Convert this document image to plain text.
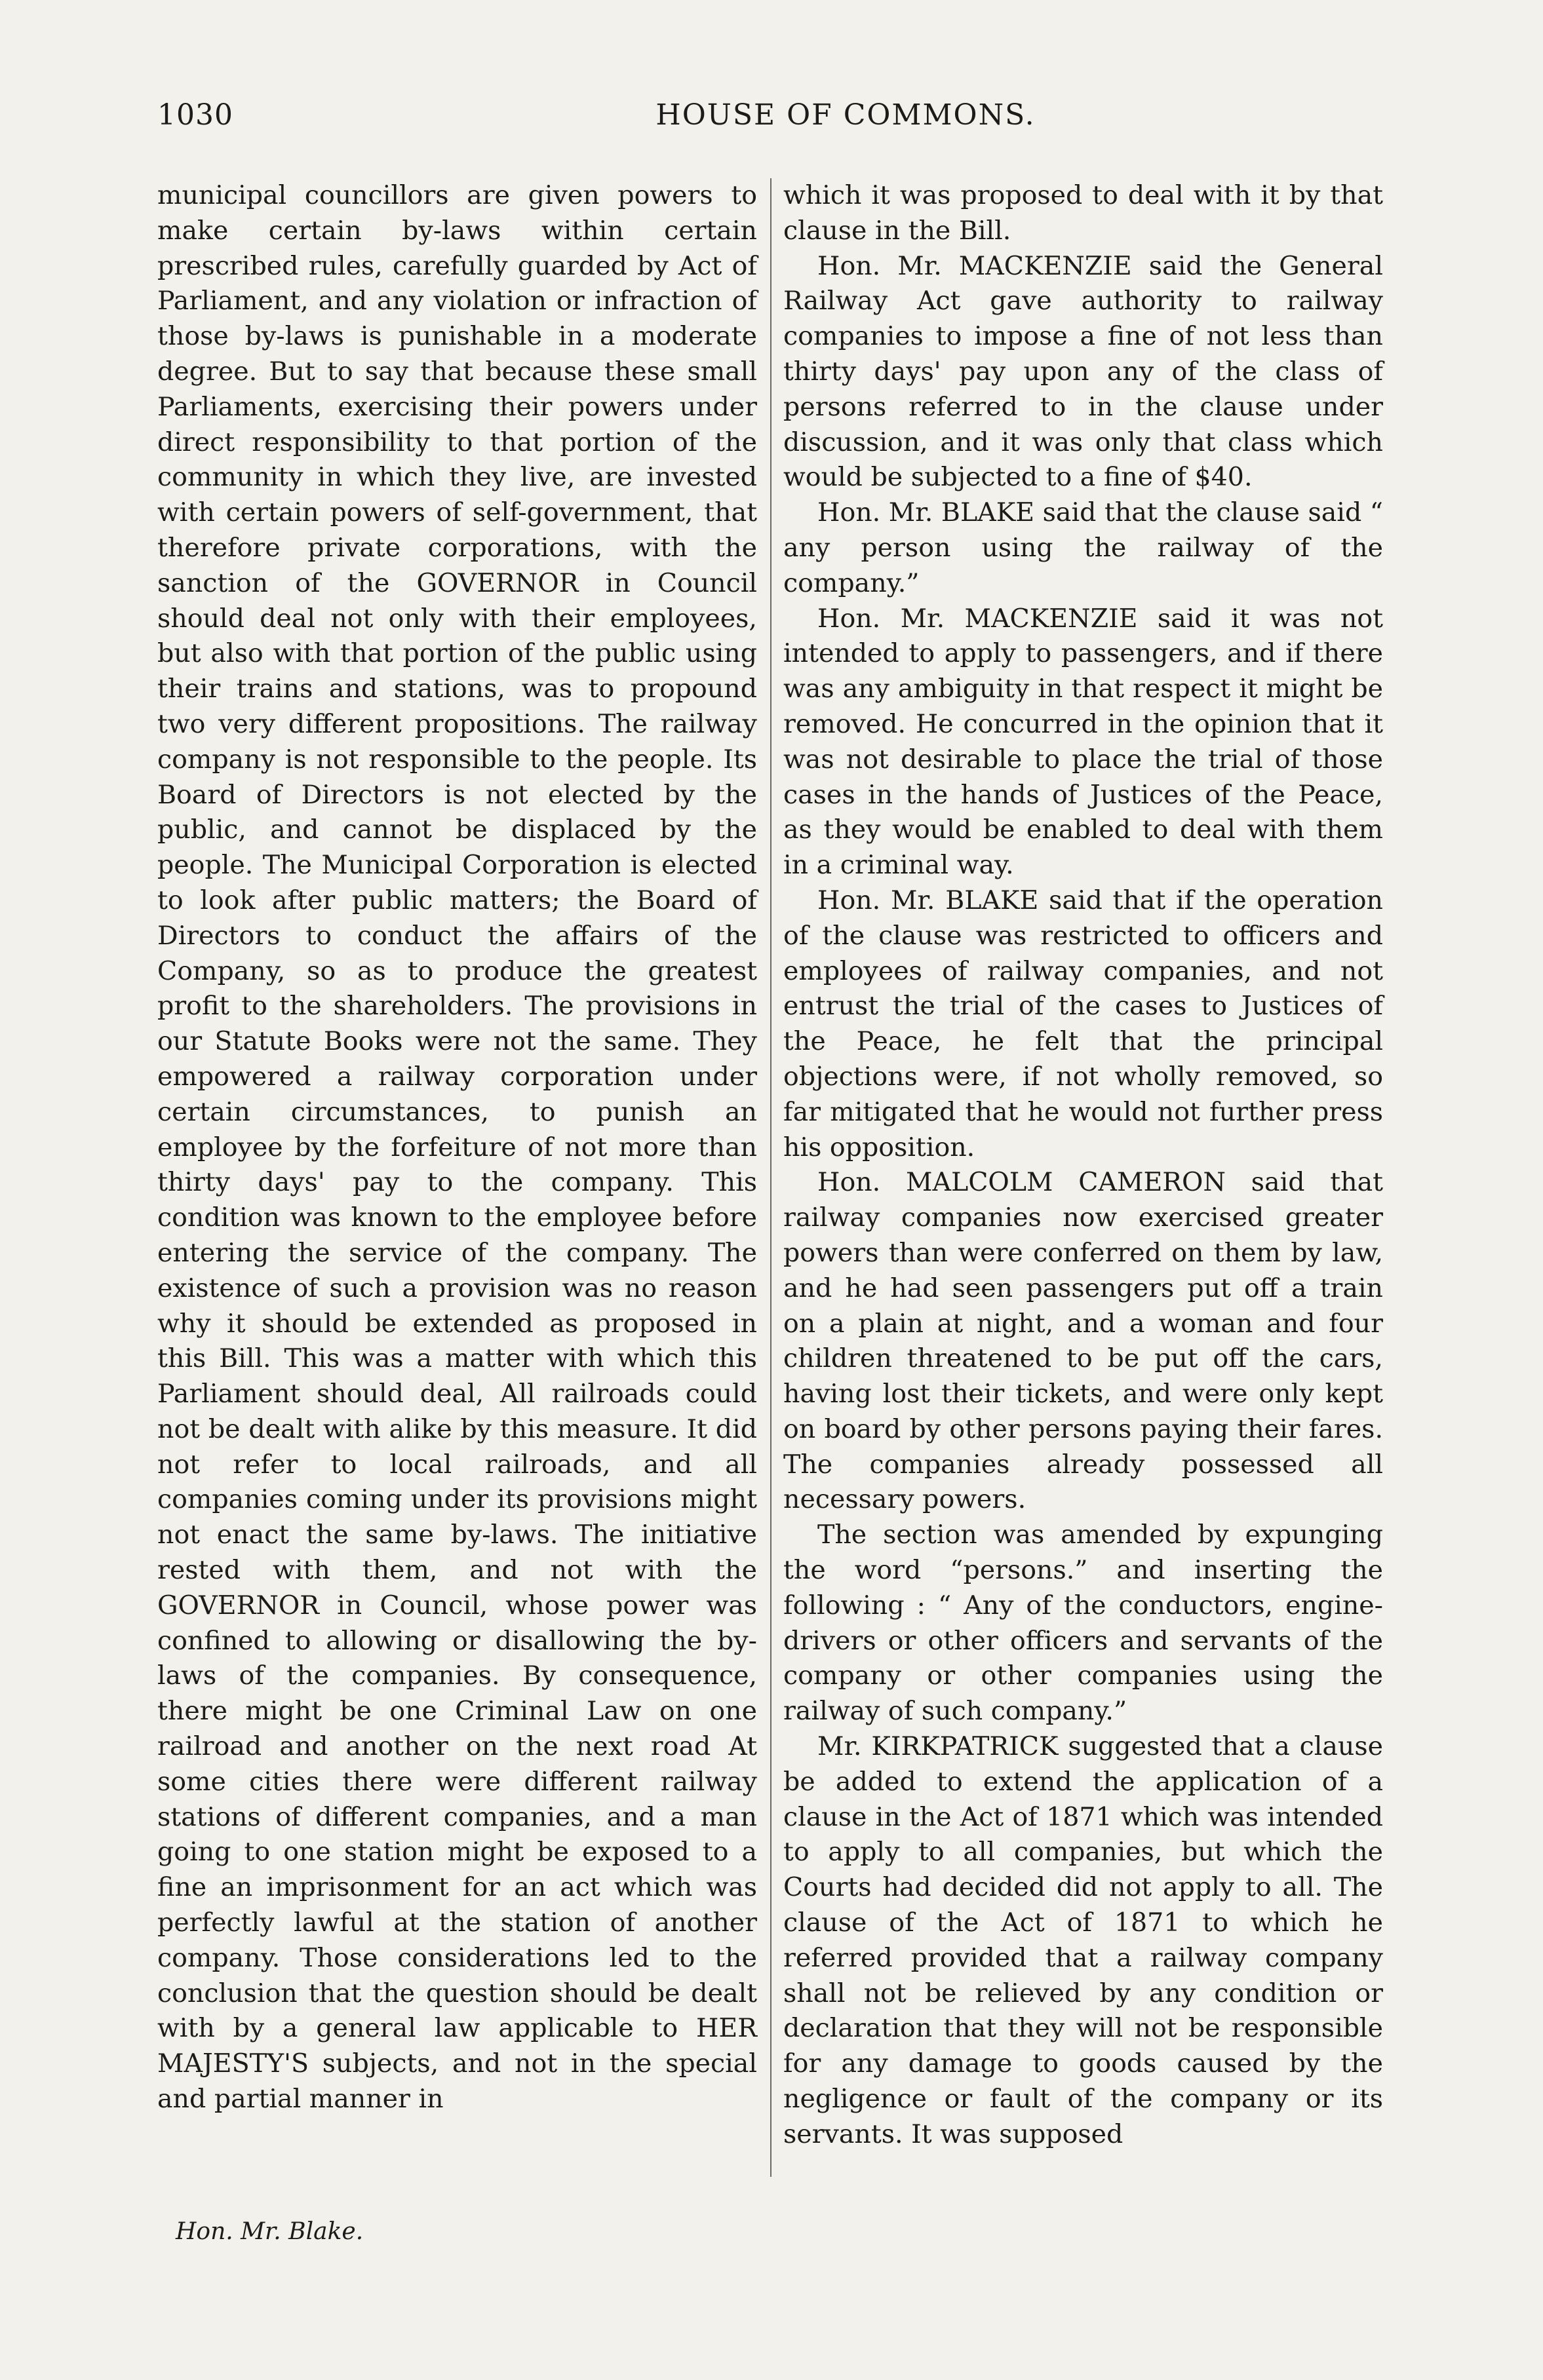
1030	HOUSE OF COMMONS.

municipal councillors are given powers to make certain by-laws within certain prescribed rules, carefully guarded by Act of Parliament, and any violation or infraction of those by-laws is punishable in a moderate degree. But to say that because these small Parliaments, exercising their powers under direct responsibility to that portion of the community in which they live, are invested with certain powers of self-government, that therefore private corporations, with the sanction of the GOVERNOR in Council should deal not only with their employees, but also with that portion of the public using their trains and stations, was to propound two very different propositions. The railway company is not responsible to the people. Its Board of Directors is not elected by the public, and cannot be displaced by the people. The Municipal Corporation is elected to look after public matters; the Board of Directors to conduct the affairs of the Company, so as to produce the greatest profit to the shareholders. The provisions in our Statute Books were not the same. They empowered a railway corporation under certain circumstances, to punish an employee by the forfeiture of not more than thirty days' pay to the company. This condition was known to the employee before entering the service of the company. The existence of such a provision was no reason why it should be extended as proposed in this Bill. This was a matter with which this Parliament should deal, All railroads could not be dealt with alike by this measure. It did not refer to local railroads, and all companies coming under its provisions might not enact the same by-laws. The initiative rested with them, and not with the GOVERNOR in Council, whose power was confined to allowing or disallowing the by-laws of the companies. By consequence, there might be one Criminal Law on one railroad and another on the next road At some cities there were different railway stations of different companies, and a man going to one station might be exposed to a fine an imprisonment for an act which was perfectly lawful at the station of another company. Those considerations led to the conclusion that the question should be dealt with by a general law applicable to HER MAJESTY'S subjects, and not in the special and partial manner in

which it was proposed to deal with it by that clause in the Bill.

Hon. Mr. MACKENZIE said the General Railway Act gave authority to railway companies to impose a fine of not less than thirty days' pay upon any of the class of persons referred to in the clause under discussion, and it was only that class which would be subjected to a fine of $40.

Hon. Mr. BLAKE said that the clause said “ any person using the railway of the company.”

Hon. Mr. MACKENZIE said it was not intended to apply to passengers, and if there was any ambiguity in that respect it might be removed. He concurred in the opinion that it was not desirable to place the trial of those cases in the hands of Justices of the Peace, as they would be enabled to deal with them in a criminal way.

Hon. Mr. BLAKE said that if the operation of the clause was restricted to officers and employees of railway companies, and not entrust the trial of the cases to Justices of the Peace, he felt that the principal objections were, if not wholly removed, so far mitigated that he would not further press his opposition.

Hon. MALCOLM CAMERON said that railway companies now exercised greater powers than were conferred on them by law, and he had seen passengers put off a train on a plain at night, and a woman and four children threatened to be put off the cars, having lost their tickets, and were only kept on board by other persons paying their fares. The companies already possessed all necessary powers.

The section was amended by expunging the word “persons.” and inserting the following : “ Any of the conductors, engine-drivers or other officers and servants of the company or other companies using the railway of such company.”

Mr. KIRKPATRICK suggested that a clause be added to extend the application of a clause in the Act of 1871 which was intended to apply to all companies, but which the Courts had decided did not apply to all. The clause of the Act of 1871 to which he referred provided that a railway company shall not be relieved by any condition or declaration that they will not be responsible for any damage to goods caused by the negligence or fault of the company or its servants. It was supposed

Hon. Mr. Blake.
